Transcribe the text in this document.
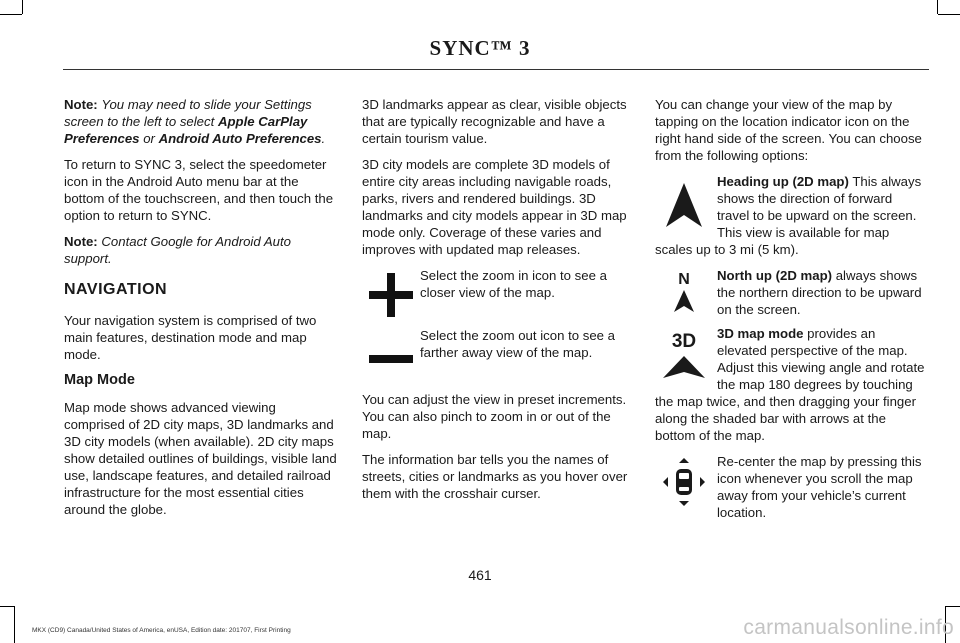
SYNC™ 3

Note: You may need to slide your Settings screen to the left to select Apple CarPlay Preferences or Android Auto Preferences.

To return to SYNC 3, select the speedometer icon in the Android Auto menu bar at the bottom of the touchscreen, and then touch the option to return to SYNC.

Note: Contact Google for Android Auto support.

NAVIGATION

Your navigation system is comprised of two main features, destination mode and map mode.

Map Mode

Map mode shows advanced viewing comprised of 2D city maps, 3D landmarks and 3D city models (when available). 2D city maps show detailed outlines of buildings, visible land use, landscape features, and detailed railroad infrastructure for the most essential cities around the globe.

3D landmarks appear as clear, visible objects that are typically recognizable and have a certain tourism value.

3D city models are complete 3D models of entire city areas including navigable roads, parks, rivers and rendered buildings. 3D landmarks and city models appear in 3D map mode only. Coverage of these varies and improves with updated map releases.

Select the zoom in icon to see a closer view of the map.
Select the zoom out icon to see a farther away view of the map.

You can adjust the view in preset increments. You can also pinch to zoom in or out of the map.

The information bar tells you the names of streets, cities or landmarks as you hover over them with the crosshair curser.

You can change your view of the map by tapping on the location indicator icon on the right hand side of the screen. You can choose from the following options:

Heading up (2D map) This always shows the direction of forward travel to be upward on the screen. This view is available for map scales up to 3 mi (5 km).

N North up (2D map) always shows the northern direction to be upward on the screen.

3D 3D map mode provides an elevated perspective of the map. Adjust this viewing angle and rotate the map 180 degrees by touching the map twice, and then dragging your finger along the shaded bar with arrows at the bottom of the map.

Re-center the map by pressing this icon whenever you scroll the map away from your vehicle’s current location.
461
MKX (CD9) Canada/United States of America, enUSA, Edition date: 201707, First Printing	carmanualsonline.info
